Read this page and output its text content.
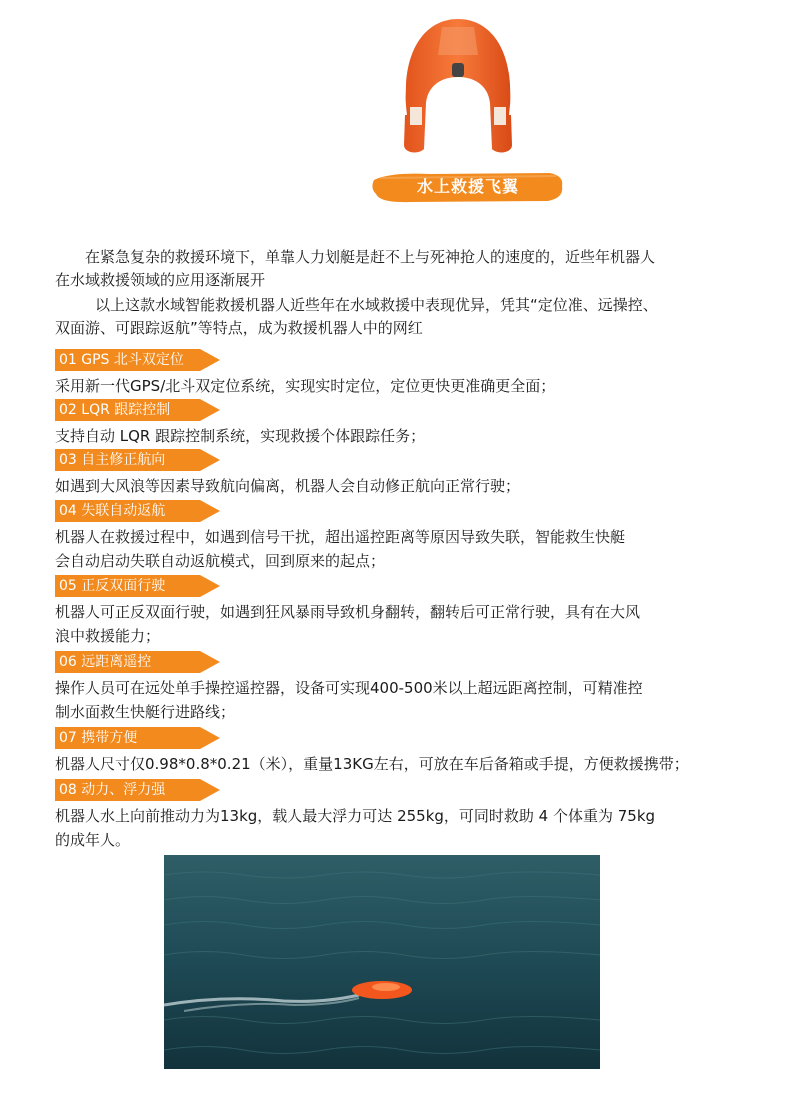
水上救援飞翼
在紧急复杂的救援环境下，单靠人力划艇是赶不上与死神抢人的速度的，近些年机器人
在水域救援领域的应用逐渐展开
以上这款水域智能救援机器人近些年在水域救援中表现优异，凭其“定位准、远操控、
双面游、可跟踪返航”等特点，成为救援机器人中的网红
01 GPS 北斗双定位
采用新一代GPS/北斗双定位系统，实现实时定位，定位更快更准确更全面；
02 LQR 跟踪控制
支持自动 LQR 跟踪控制系统，实现救援个体跟踪任务；
03 自主修正航向
如遇到大风浪等因素导致航向偏离，机器人会自动修正航向正常行驶；
04 失联自动返航
机器人在救援过程中，如遇到信号干扰，超出遥控距离等原因导致失联，智能救生快艇
会自动启动失联自动返航模式，回到原来的起点；
05 正反双面行驶
机器人可正反双面行驶，如遇到狂风暴雨导致机身翻转，翻转后可正常行驶，具有在大风
浪中救援能力；
06 远距离遥控
操作人员可在远处单手操控遥控器，设备可实现400-500米以上超远距离控制，可精准控
制水面救生快艇行进路线；
07 携带方便
机器人尺寸仅0.98*0.8*0.21（米），重量13KG左右，可放在车后备箱或手提，方便救援携带；
08 动力、浮力强
机器人水上向前推动力为13kg，载人最大浮力可达 255kg，可同时救助 4 个体重为 75kg
的成年人。
